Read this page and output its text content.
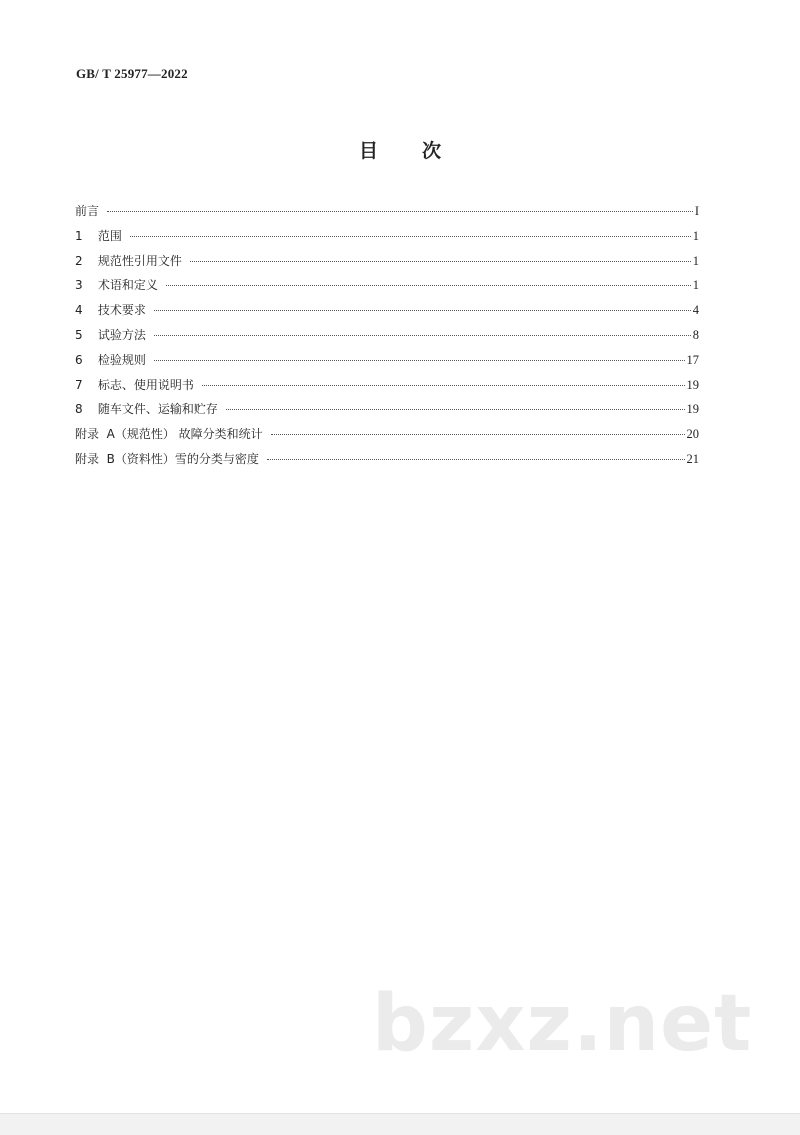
GB/ T 25977—2022
目次
前言	I
1    范围	1
2    规范性引用文件	1
3    术语和定义	1
4    技术要求	4
5    试验方法	8
6    检验规则	17
7    标志、使用说明书	19
8    随车文件、运输和贮存	19
附录  A（规范性） 故障分类和统计	20
附录  B（资料性）雪的分类与密度	21
bzxz.net
